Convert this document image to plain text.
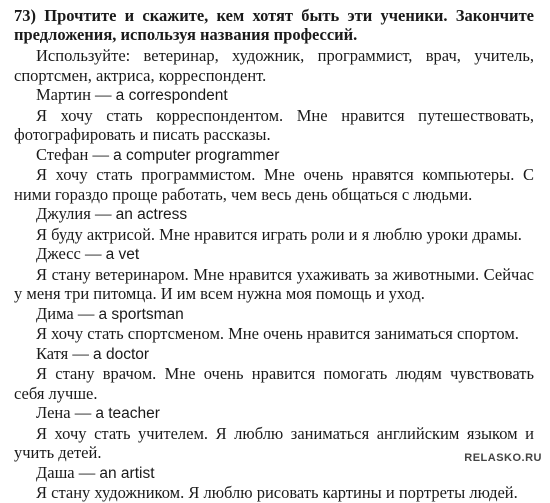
73) Прочтите и скажите, кем хотят быть эти ученики. Закончите предложения, используя названия профессий.

Используйте: ветеринар, художник, программист, врач, учитель, спортсмен, актриса, корреспондент.

Мартин — a correspondent

Я хочу стать корреспондентом. Мне нравится путешествовать, фотографировать и писать рассказы.

Стефан — a computer programmer

Я хочу стать программистом. Мне очень нравятся компьютеры. С ними гораздо проще работать, чем весь день общаться с людьми.

Джулия — an actress

Я буду актрисой. Мне нравится играть роли и я люблю уроки драмы.

Джесс — a vet

Я стану ветеринаром. Мне нравится ухаживать за животными. Сейчас у меня три питомца. И им всем нужна моя помощь и уход.

Дима — a sportsman

Я хочу стать спортсменом. Мне очень нравится заниматься спортом.

Катя — a doctor

Я стану врачом. Мне очень нравится помогать людям чувствовать себя лучше.

Лена — a teacher

Я хочу стать учителем. Я люблю заниматься английским языком и учить детей.

Даша — an artist

Я стану художником. Я люблю рисовать картины и портреты людей.

RELASKO.RU
